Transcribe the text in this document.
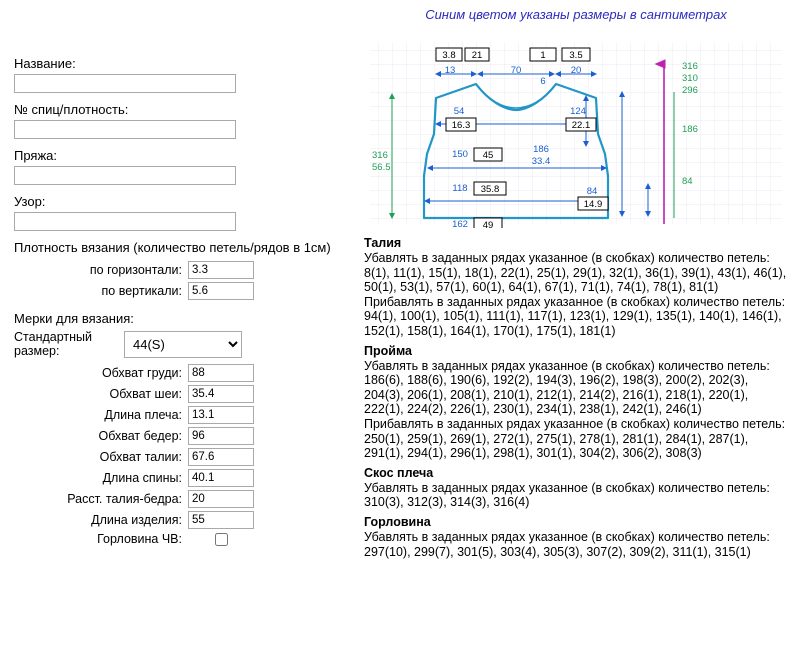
Название:
№ спиц/плотность:
Пряжа:
Узор:
Плотность вязания (количество петель/рядов в 1см)
по горизонтали:
3.3
по вертикали:
5.6
Мерки для вязания:
Стандартный размер:
44(S)
Обхват груди:
88
Обхват шеи:
35.4
Длина плеча:
13.1
Обхват бедер:
96
Обхват талии:
67.6
Длина спины:
40.1
Расст. талия-бедра:
20
Длина изделия:
55
Горловина ЧВ:
Синим цветом указаны размеры в сантиметрах
3.8 21	1 3.5
13	70	20
6
316
310
296
186
84
316
56.5
54
16.3
124
22.1
150 45
186
33.4
118 35.8	84
14.9
162 49
Талия

Убавлять в заданных рядах указанное (в скобках) количество петель:

8(1), 11(1), 15(1), 18(1), 22(1), 25(1), 29(1), 32(1), 36(1), 39(1), 43(1), 46(1), 50(1), 53(1), 57(1), 60(1), 64(1), 67(1), 71(1), 74(1), 78(1), 81(1)

Прибавлять в заданных рядах указанное (в скобках) количество петель:

94(1), 100(1), 105(1), 111(1), 117(1), 123(1), 129(1), 135(1), 140(1), 146(1), 152(1), 158(1), 164(1), 170(1), 175(1), 181(1)

Пройма

Убавлять в заданных рядах указанное (в скобках) количество петель:

186(6), 188(6), 190(6), 192(2), 194(3), 196(2), 198(3), 200(2), 202(3), 204(3), 206(1), 208(1), 210(1), 212(1), 214(2), 216(1), 218(1), 220(1), 222(1), 224(2), 226(1), 230(1), 234(1), 238(1), 242(1), 246(1)

Прибавлять в заданных рядах указанное (в скобках) количество петель:

250(1), 259(1), 269(1), 272(1), 275(1), 278(1), 281(1), 284(1), 287(1), 291(1), 294(1), 296(1), 298(1), 301(1), 304(2), 306(2), 308(3)

Скос плеча

Убавлять в заданных рядах указанное (в скобках) количество петель:

310(3), 312(3), 314(3), 316(4)

Горловина

Убавлять в заданных рядах указанное (в скобках) количество петель:

297(10), 299(7), 301(5), 303(4), 305(3), 307(2), 309(2), 311(1), 315(1)
